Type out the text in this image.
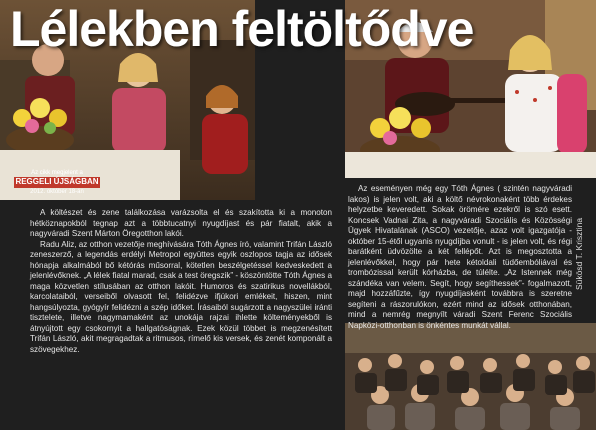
Lélekben feltöltődve
Az cikk megjelent a
REGGELI ÚJSÁGBAN
2012. október 18-án

A költészet és zene találkozása varázsolta el és szakította ki a monoton hétköznapokból tegnap azt a többtucatnyi nyugdíjast és pár fiatalt, akik a nagyváradi Szent Márton Öregotthon lakói.

Radu Aliz, az otthon vezetője meghívására Tóth Ágnes író, valamint Trifán László zeneszerző, a legendás erdélyi Metropol együttes egyik oszlopos tagja az idősek hónapja alkalmából bő kétórás műsorral, kötetlen beszélgetéssel kedveskedett a jelenlévőknek. „A lélek fiatal marad, csak a test öregszik” - köszöntötte Tóth Ágnes a maga közvetlen stílusában az otthon lakóit. Humoros és szatirikus novellákból, karcolataiból, verseiből olvasott fel, felidézve ifjúkori emlékeit, hiszen, mint hangsúlyozta, gyógyír felidézni a szép időket. Írásaiból sugárzott a nagyszülei iránti tisztelete, illetve nagymamaként az unokája rajzai ihlette költeményekből is átnyújtott egy csokornyit a hallgatóságnak. Ezek közül többet is megzenésített Trifán László, akit megragadtak a ritmusos, rímelő kis versek, és zenét komponált a szövegekhez.

Az eseményen még egy Tóth Ágnes ( szintén nagyváradi lakos) is jelen volt, aki a költő névrokonaként több érdekes helyzetbe keveredett. Sokak örömére ezekről is szó esett. Koncsek Vadnai Zita, a nagyváradi Szociális és Közösségi Ügyek Hivatalának (ASCO) vezetője, azaz volt igazgatója - október 15-étől ugyanis nyugdíjba vonult - is jelen volt, és régi barátként üdvözölte a két fellépőt. Azt is megosztotta a jelenlévőkkel, hogy pár hete kétoldali tüdőembóliával és trombózissal került kórházba, de túlélte. „Az Istennek még szándéka van velem. Segít, hogy segíthessek”- fogalmazott, majd hozzáfűzte, így nyugdíjasként továbbra is szeretne segíteni a rászorulókon, ezért mind az idősek otthonában, mind a nemrég megnyílt váradi Szent Ferenc Szociális Napközi-otthonban is önkéntes munkát vállal.

Sükösd T. Krisztina
